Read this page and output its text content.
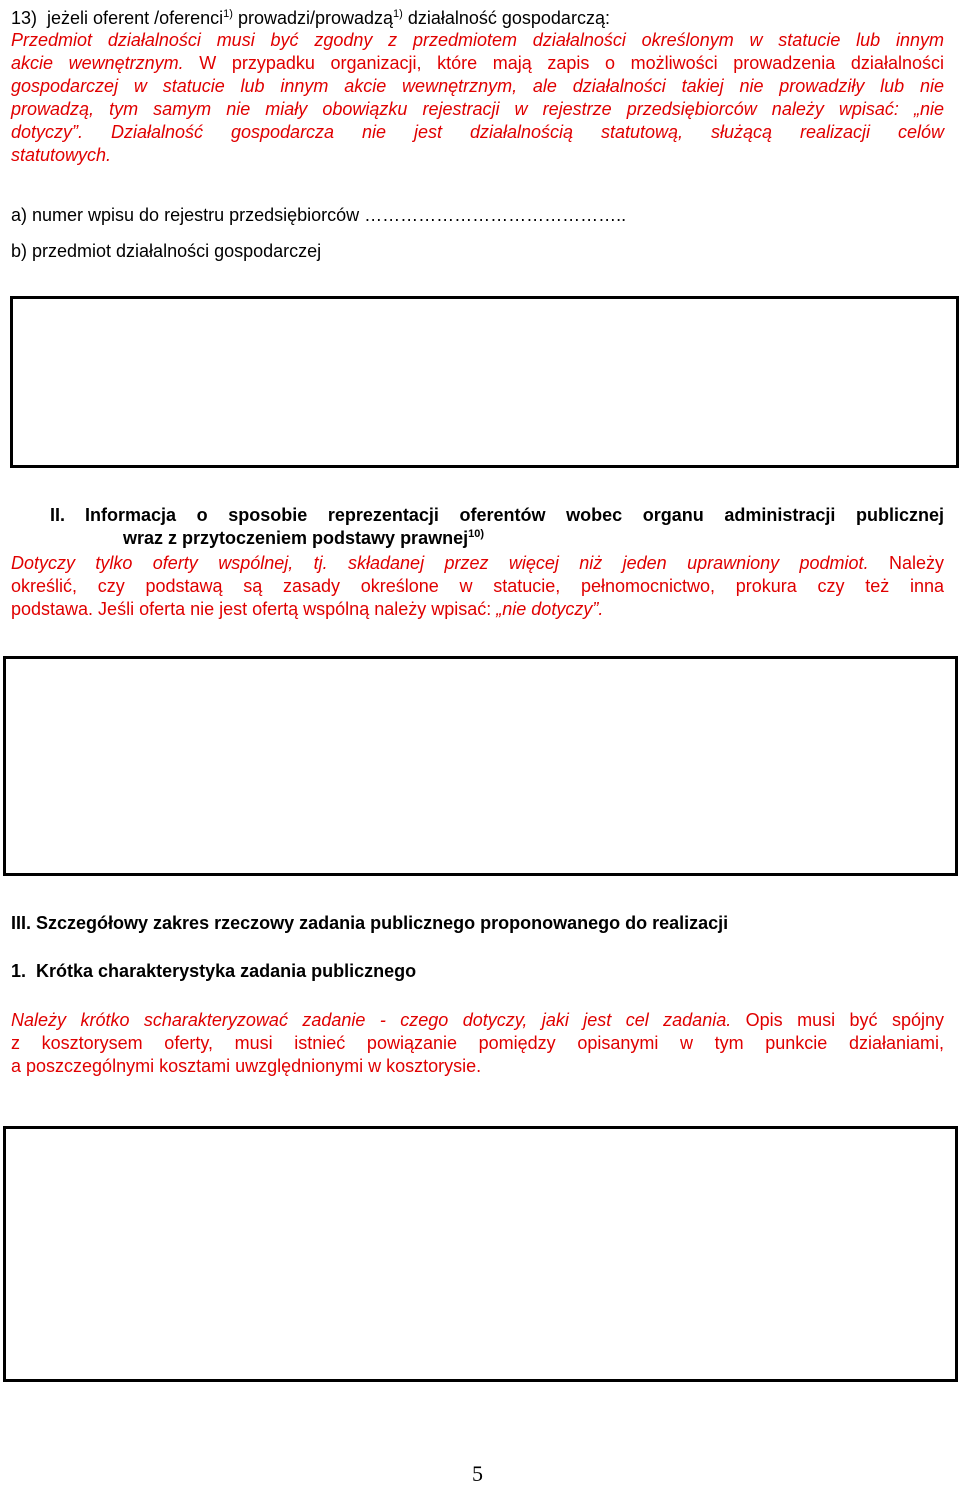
13) jeżeli oferent /oferenci$^{1)}$ prowadzi/prowadzą$^{1)}$ działalność gospodarczą:
Przedmiot działalności musi być zgodny z przedmiotem działalności określonym w statucie lub innym
akcie wewnętrznym. W przypadku organizacji, które mają zapis o możliwości prowadzenia działalności
gospodarczej w statucie lub innym akcie wewnętrznym, ale działalności takiej nie prowadziły lub nie
prowadzą, tym samym nie miały obowiązku rejestracji w rejestrze przedsiębiorców należy wpisać: „nie
dotyczy”. Działalność gospodarcza nie jest działalnością statutową, służącą realizacji celów
statutowych.
a) numer wpisu do rejestru przedsiębiorców ……………………………………..
b) przedmiot działalności gospodarczej
II. Informacja o sposobie reprezentacji oferentów wobec organu administracji publicznej
wraz z przytoczeniem podstawy prawnej$^{10)}$
Dotyczy tylko oferty wspólnej, tj. składanej przez więcej niż jeden uprawniony podmiot. Należy
określić, czy podstawą są zasady określone w statucie, pełnomocnictwo, prokura czy też inna
podstawa. Jeśli oferta nie jest ofertą wspólną należy wpisać: „nie dotyczy”.
III. Szczegółowy zakres rzeczowy zadania publicznego proponowanego do realizacji
1. Krótka charakterystyka zadania publicznego
Należy krótko scharakteryzować zadanie - czego dotyczy, jaki jest cel zadania. Opis musi być spójny
z kosztorysem oferty, musi istnieć powiązanie pomiędzy opisanymi w tym punkcie działaniami,
a poszczególnymi kosztami uwzględnionymi w kosztorysie.
5
